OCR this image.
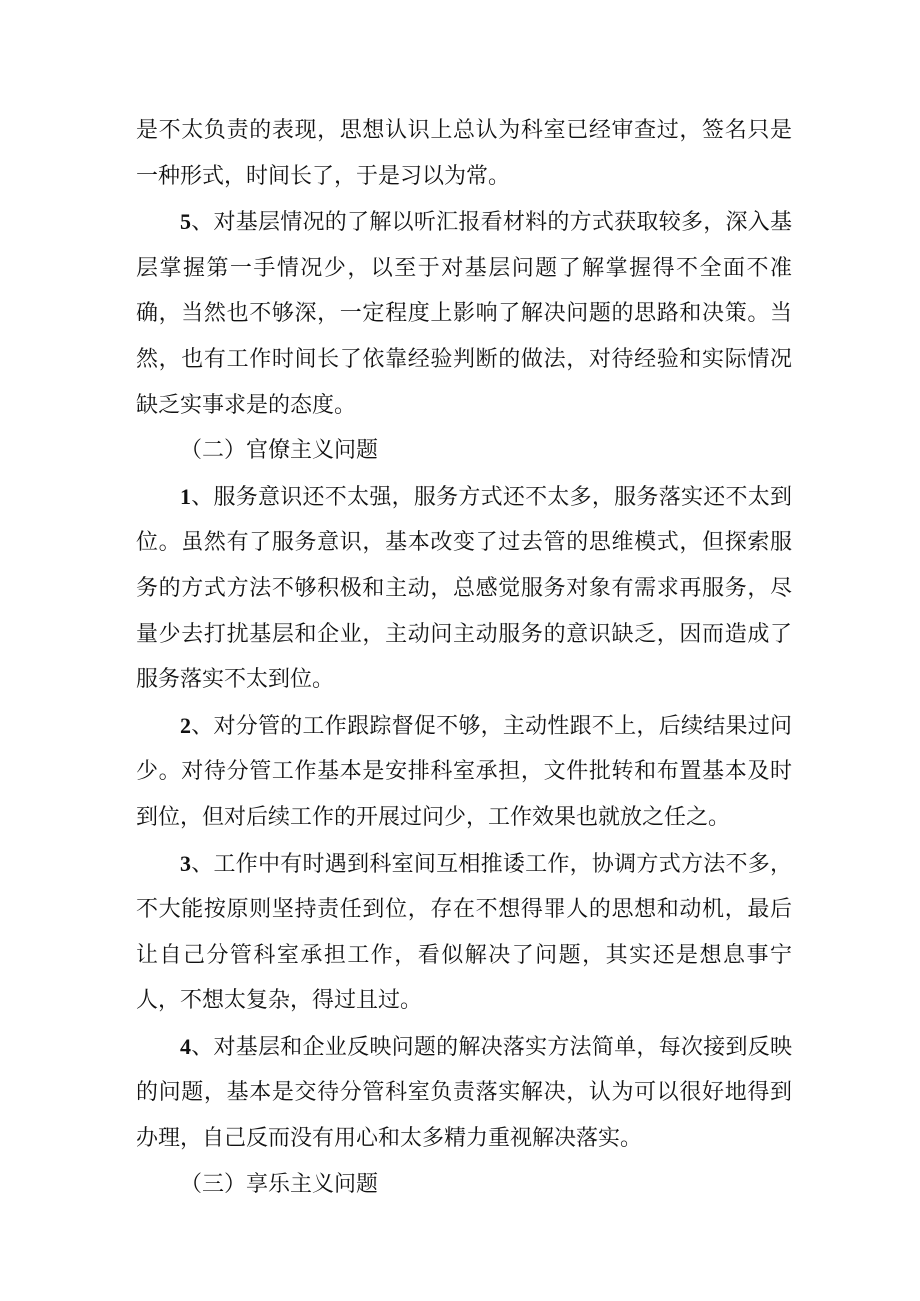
是不太负责的表现，思想认识上总认为科室已经审查过，签名只是一种形式，时间长了，于是习以为常。

5、对基层情况的了解以听汇报看材料的方式获取较多，深入基层掌握第一手情况少，以至于对基层问题了解掌握得不全面不准确，当然也不够深，一定程度上影响了解决问题的思路和决策。当然，也有工作时间长了依靠经验判断的做法，对待经验和实际情况缺乏实事求是的态度。

（二）官僚主义问题

1、服务意识还不太强，服务方式还不太多，服务落实还不太到位。虽然有了服务意识，基本改变了过去管的思维模式，但探索服务的方式方法不够积极和主动，总感觉服务对象有需求再服务，尽量少去打扰基层和企业，主动问主动服务的意识缺乏，因而造成了服务落实不太到位。

2、对分管的工作跟踪督促不够，主动性跟不上，后续结果过问少。对待分管工作基本是安排科室承担，文件批转和布置基本及时到位，但对后续工作的开展过问少，工作效果也就放之任之。

3、工作中有时遇到科室间互相推诿工作，协调方式方法不多，不大能按原则坚持责任到位，存在不想得罪人的思想和动机，最后让自己分管科室承担工作，看似解决了问题，其实还是想息事宁人，不想太复杂，得过且过。

4、对基层和企业反映问题的解决落实方法简单，每次接到反映的问题，基本是交待分管科室负责落实解决，认为可以很好地得到办理，自己反而没有用心和太多精力重视解决落实。

（三）享乐主义问题
